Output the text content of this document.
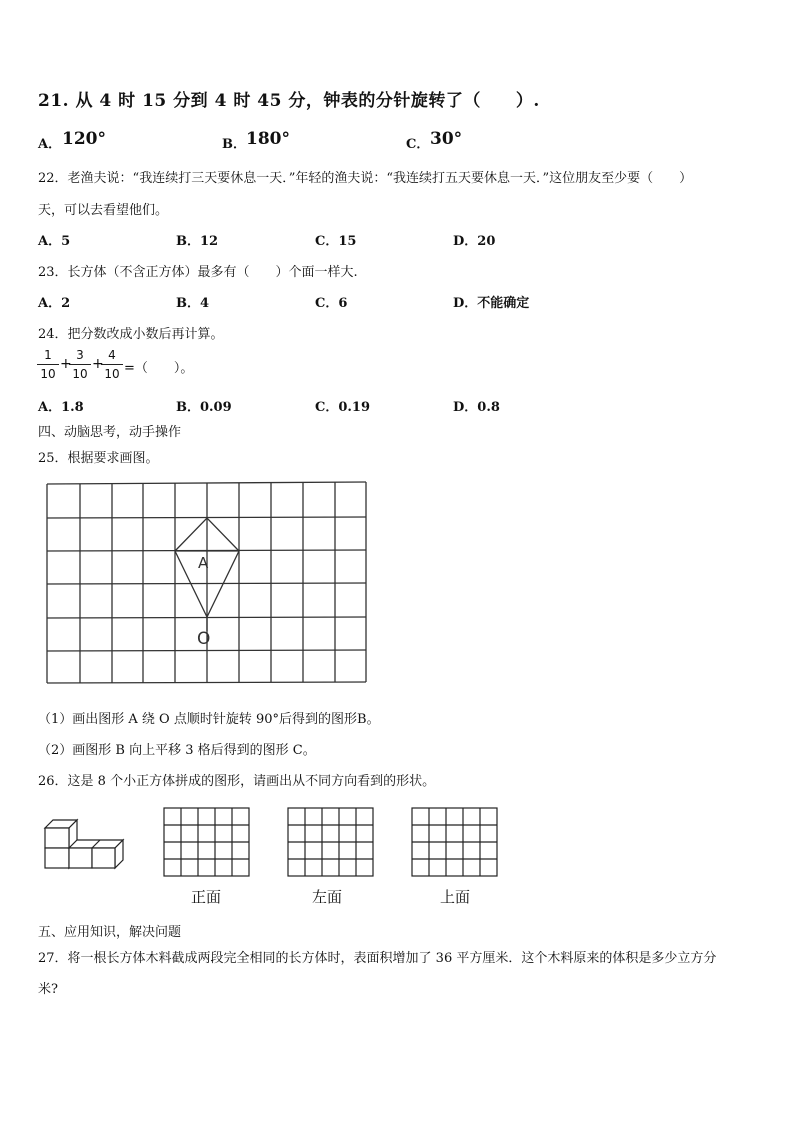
21. 从 4 时 15 分到 4 时 45 分，钟表的分针旋转了（　　）.
A． 120°	B． 180°	C． 30°
22．老渔夫说：“我连续打三天要休息一天．”年轻的渔夫说：“我连续打五天要休息一天．”这位朋友至少要（　　）
天，可以去看望他们。
A．5	B．12	C．15	D．20
23．长方体（不含正方体）最多有（　　）个面一样大.
A．2	B．4	C．6	D．不能确定
24．把分数改成小数后再计算。
1
10
+
3
10
+
4
10 =（　　）。
A．1.8	B．0.09	C．0.19	D．0.8
四、动脑思考，动手操作
25．根据要求画图。
A
O
（1）画出图形 A 绕 O 点顺时针旋转 90°后得到的图形B。
（2）画图形 B 向上平移 3 格后得到的图形 C。
26．这是 8 个小正方体拼成的图形，请画出从不同方向看到的形状。
正面	左面	上面
五、应用知识，解决问题
27．将一根长方体木料截成两段完全相同的长方体时，表面积增加了 36 平方厘米．这个木料原来的体积是多少立方分
米?
